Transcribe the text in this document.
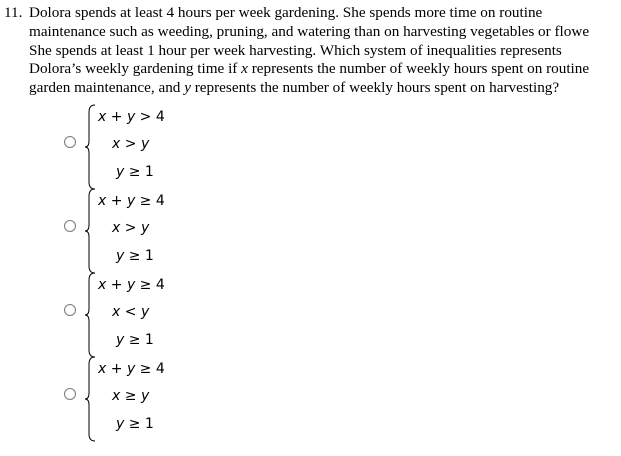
11. Dolora spends at least 4 hours per week gardening. She spends more time on routine
maintenance such as weeding, pruning, and watering than on harvesting vegetables or flowe
She spends at least 1 hour per week harvesting. Which system of inequalities represents
Dolora’s weekly gardening time if x represents the number of weekly hours spent on routine
garden maintenance, and y represents the number of weekly hours spent on harvesting?
x + y > 4
x > y
y ≥ 1
x + y ≥ 4
x > y
y ≥ 1
x + y ≥ 4
x < y
y ≥ 1
x + y ≥ 4
x ≥ y
y ≥ 1
